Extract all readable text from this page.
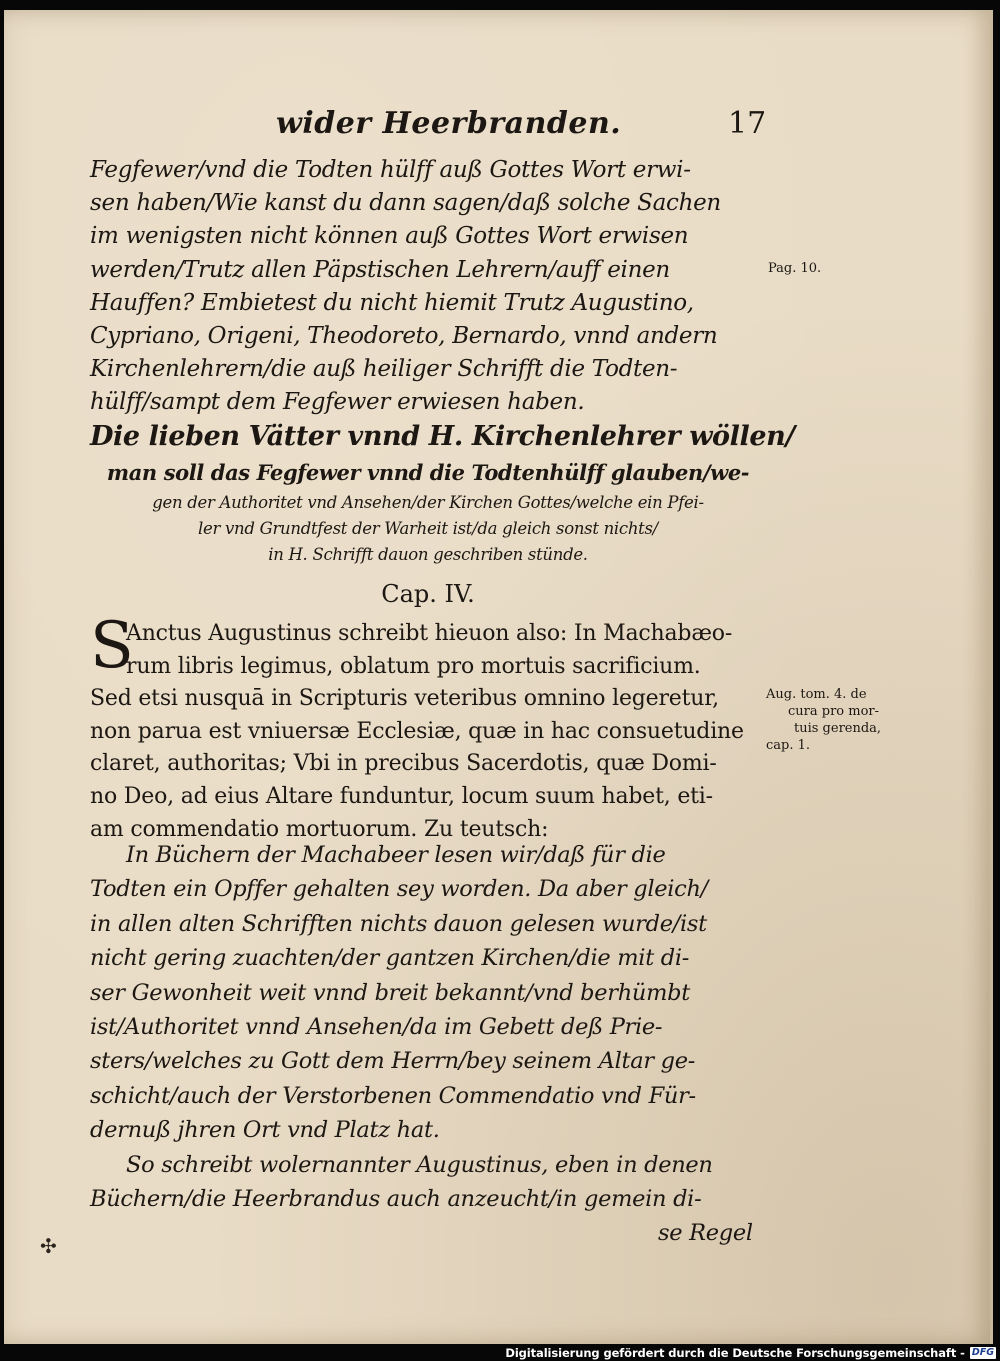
wider Heerbranden.	17
Fegfewer/vnd die Todten hülff auß Gottes Wort erwi-
sen haben/Wie kanst du dann sagen/daß solche Sachen
im wenigsten nicht können auß Gottes Wort erwisen
werden/Trutz allen Päpstischen Lehrern/auff einen
Hauffen? Embietest du nicht hiemit Trutz Augustino,
Cypriano, Origeni, Theodoreto, Bernardo, vnnd andern
Kirchenlehrern/die auß heiliger Schrifft die Todten-
hülff/sampt dem Fegfewer erwiesen haben.
Pag. 10.
Die lieben Vätter vnnd H. Kirchenlehrer wöllen/
man soll das Fegfewer vnnd die Todtenhülff glauben/we-
gen der Authoritet vnd Ansehen/der Kirchen Gottes/welche ein Pfei-
ler vnd Grundtfest der Warheit ist/da gleich sonst nichts/
in H. Schrifft dauon geschriben stünde.
Cap. IV.
S
Anctus Augustinus schreibt hieuon also: In Machabæo-
rum libris legimus, oblatum pro mortuis sacrificium.
Sed etsi nusquā in Scripturis veteribus omnino legeretur,
non parua est vniuersæ Ecclesiæ, quæ in hac consuetudine
claret, authoritas; Vbi in precibus Sacerdotis, quæ Domi-
no Deo, ad eius Altare funduntur, locum suum habet, eti-
am commendatio mortuorum. Zu teutsch:
Aug. tom. 4. de
cura pro mor-
tuis gerenda,
cap. 1.
In Büchern der Machabeer lesen wir/daß für die
Todten ein Opffer gehalten sey worden. Da aber gleich/
in allen alten Schrifften nichts dauon gelesen wurde/ist
nicht gering zuachten/der gantzen Kirchen/die mit di-
ser Gewonheit weit vnnd breit bekannt/vnd berhümbt
ist/Authoritet vnnd Ansehen/da im Gebett deß Prie-
sters/welches zu Gott dem Herrn/bey seinem Altar ge-
schicht/auch der Verstorbenen Commendatio vnd Für-
dernuß jhren Ort vnd Platz hat.
So schreibt wolernannter Augustinus, eben in denen
Büchern/die Heerbrandus auch anzeucht/in gemein di-
se Regel
✣
Digitalisierung gefördert durch die Deutsche Forschungsgemeinschaft - DFG
